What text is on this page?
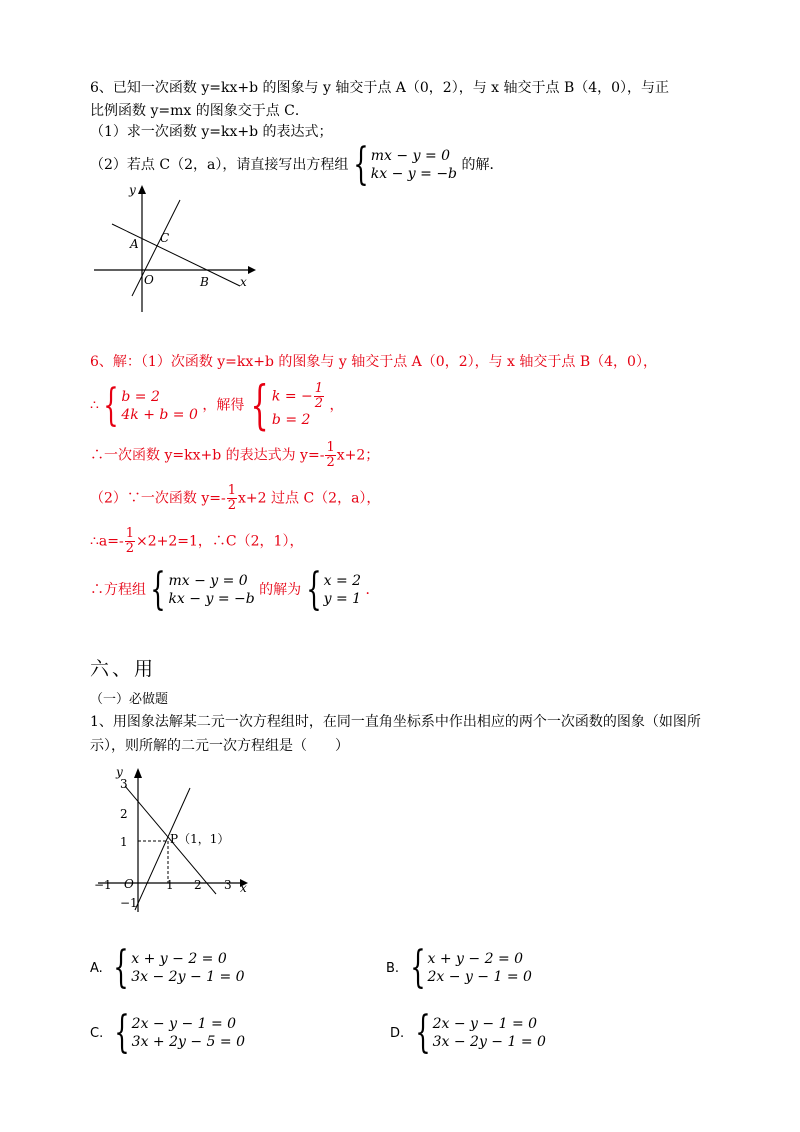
6、已知一次函数 y=kx+b 的图象与 y 轴交于点 A（0，2），与 x 轴交于点 B（4，0），与正
比例函数 y=mx 的图象交于点 C．
（1）求一次函数 y=kx+b 的表达式；
（2）若点 C（2，a），请直接写出方程组 { mx − y = 0
kx − y = −b
的解．
y
x
O
A C
B
6、解：（1）次函数 y=kx+b 的图象与 y 轴交于点 A（0，2），与 x 轴交于点 B（4，0），
∴ { b = 2
4k + b = 0
，解得 { k = − $\frac{1}{2}$
b = 2
，
∴一次函数 y=kx+b 的表达式为 $y=- \frac{1}{2} x+2$；
（2）∵一次函数 $y=- \frac{1}{2} x+2$ 过点 C（2，a），
∴a=- $\frac{1}{2} \times 2+2=1$，∴C（2，1），
∴方程组 { mx − y = 0
kx − y = −b
的解为 { x = 2
y = 1
．
六、用
（一）必做题
1、用图象法解某二元一次方程组时，在同一直角坐标系中作出相应的两个一次函数的图象（如图所
示），则所解的二元一次方程组是（　　）
y
x
O
3
2
1
−1
−1	1 2 3
P（1，1）
A. { x + y − 2 = 0
3x − 2y − 1 = 0
B. { x + y − 2 = 0
2x − y − 1 = 0
C. { 2x − y − 1 = 0
3x + 2y − 5 = 0
D. { 2x − y − 1 = 0
3x − 2y − 1 = 0
